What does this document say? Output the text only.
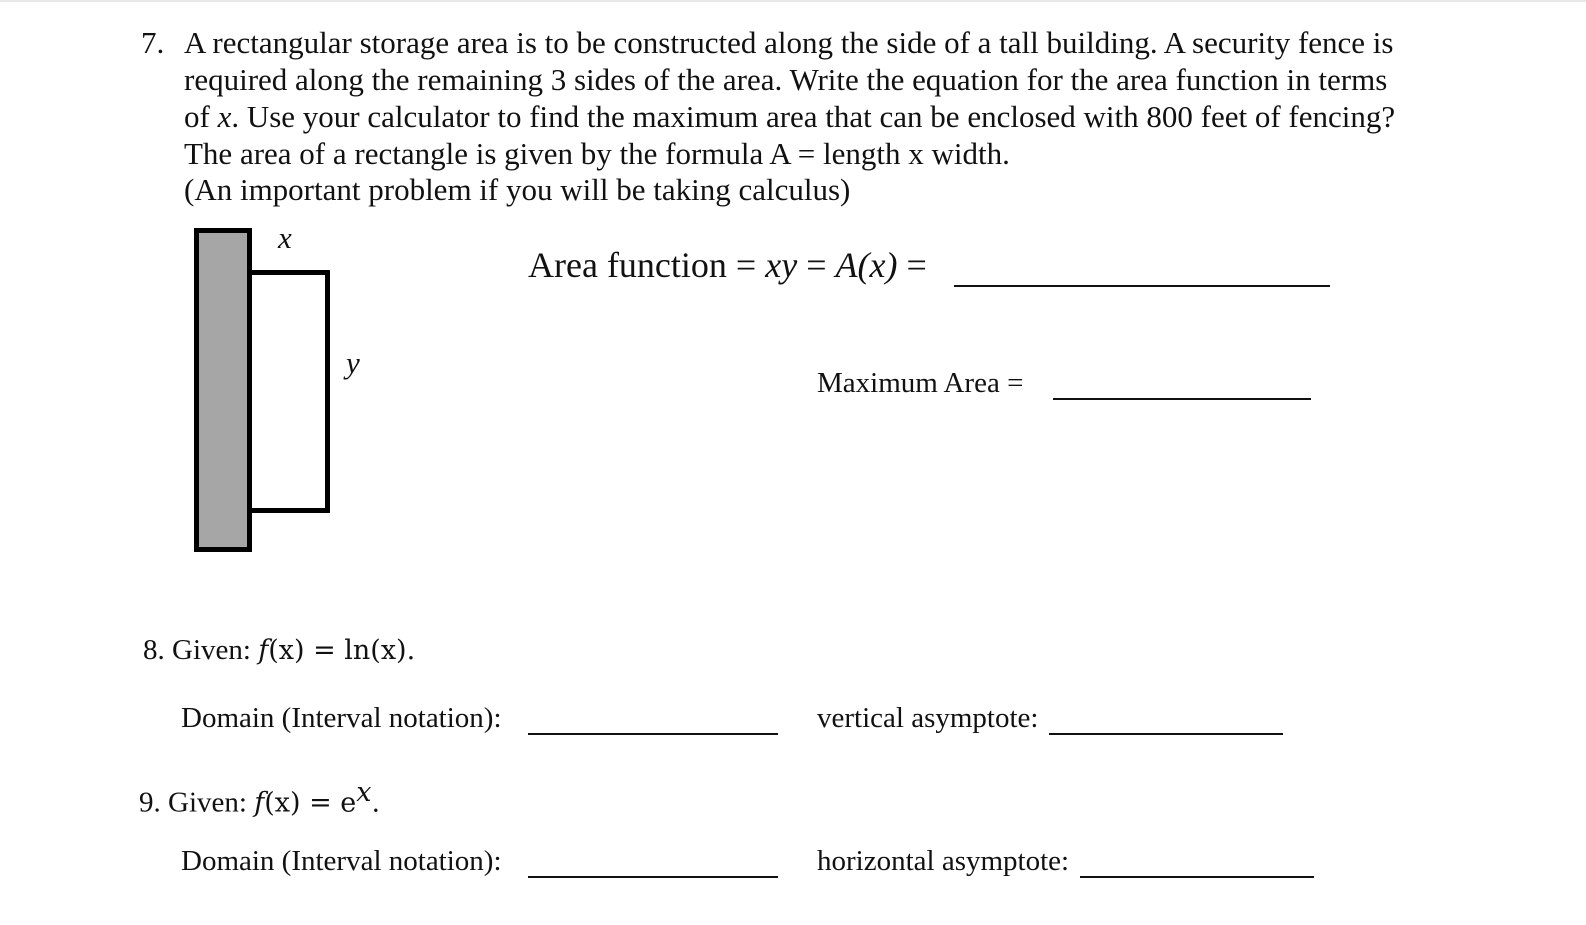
7. A rectangular storage area is to be constructed along the side of a tall building. A security fence is
required along the remaining 3 sides of the area. Write the equation for the area function in terms
of x. Use your calculator to find the maximum area that can be enclosed with 800 feet of fencing?
The area of a rectangle is given by the formula A = length x width.
(An important problem if you will be taking calculus)
x
y
Area function = xy = A(x) =
Maximum Area =
8. Given: f(x) = ln(x).
Domain (Interval notation):	vertical asymptote:
9. Given: $f(x) = e^x$.
Domain (Interval notation):	horizontal asymptote:
